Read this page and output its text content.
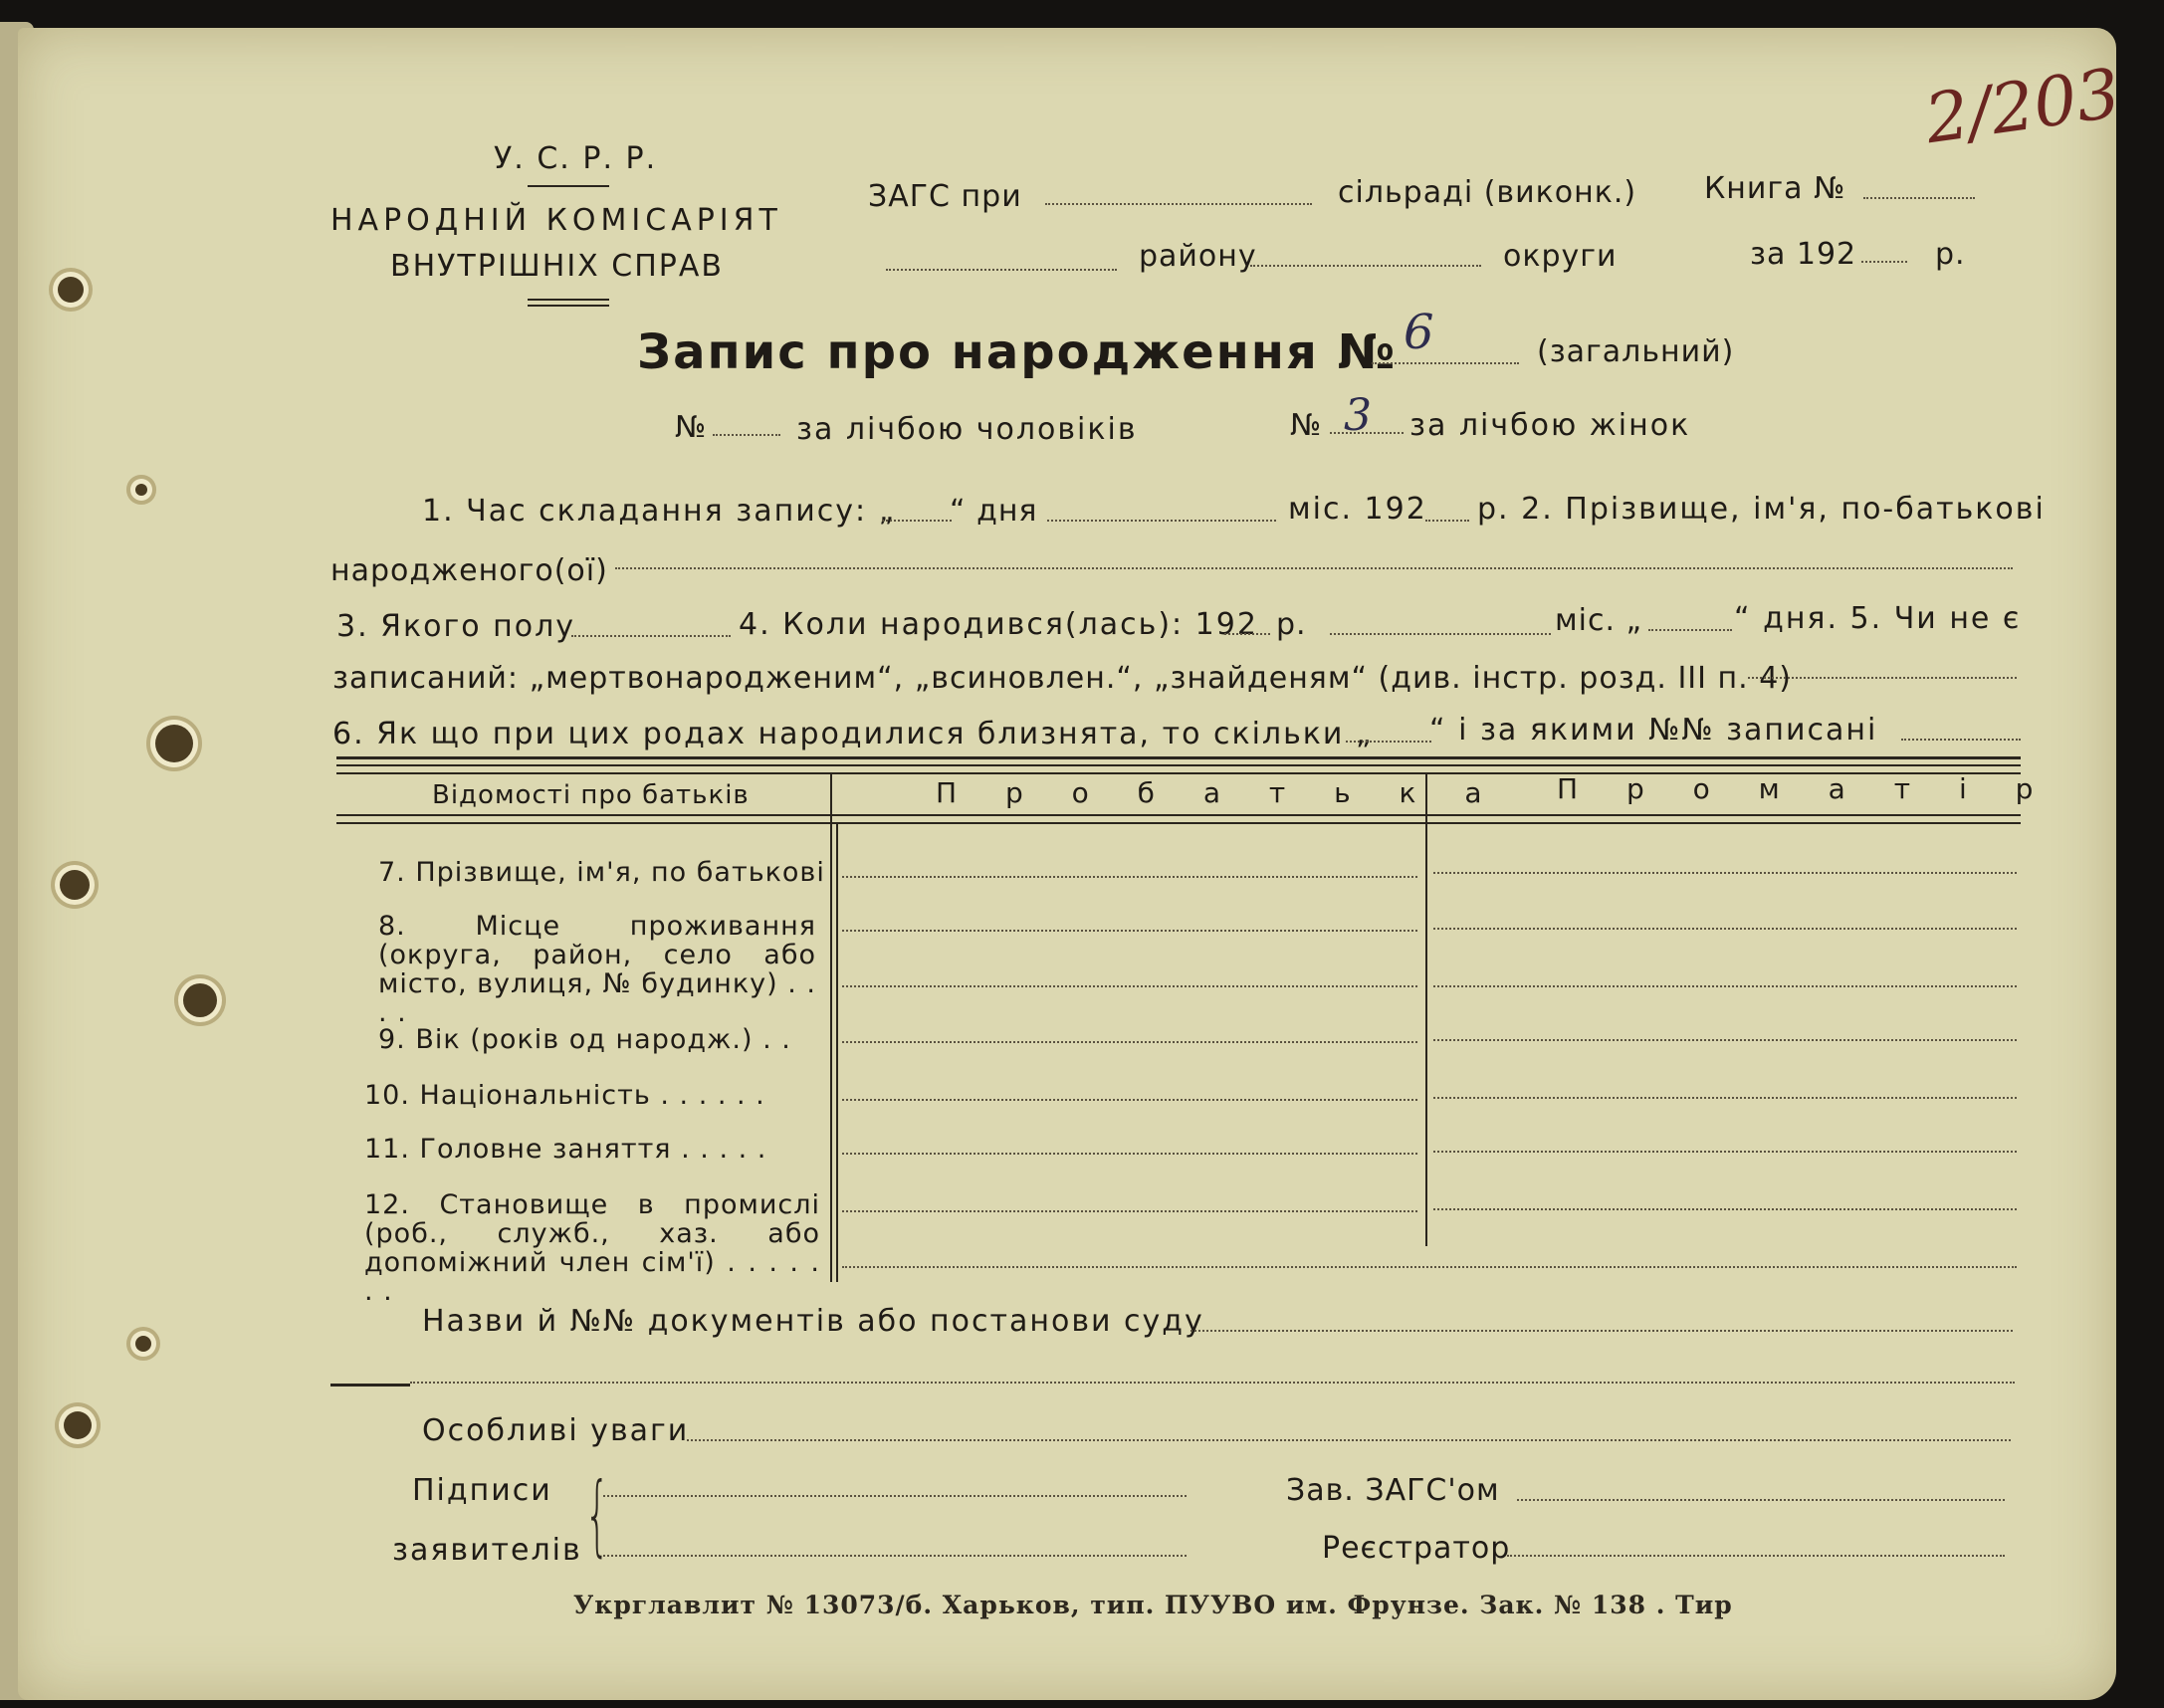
У. С. Р. Р.
НАРОДНІЙ КОМІСАРІЯТ
ВНУТРІШНІХ СПРАВ
ЗАГС при	сільраді (виконк.) Книга №
2/203
району	округи	за 192	р.
Запис про народження № 6	(загальний)
№	за лічбою чоловіків	№ 3 за лічбою жінок
1. Час складання запису: „ “ дня	міс. 192 р. 2. Прізвище, ім'я, по-батькові
народженого(ої)
3. Якого полу	4. Коли народився(лась): 192 р.	міс. „	“ дня. 5. Чи не є
записаний: „мертвонародженим“, „всиновлен.“, „знайденям“ (див. інстр. розд. III п. 4)
6. Як що при цих родах народилися близнята, то скільки „ “ і за якими №№ записані
Відомості про батьків	П р о б а т ь к а П р о м а т і р
7. Прізвище, ім'я, по батькові
8. Місце проживання (округа, район, село або місто, вулиця, № будинку) . . . .
9. Вік (років од народж.) . .
10. Національність . . . . . .
11. Головне заняття . . . . .
12. Становище в промислі (роб., служб., хаз. або допоміжний член сім'ї) . . . . . . .
Назви й №№ документів або постанови суду
Особливі уваги
Підписи
заявителів {	Зав. ЗАГС'ом
Реєстратор
Укрглавлит № 13073/б. Харьков, тип. ПУУВО им. Фрунзе. Зак. № 138 . Тир
